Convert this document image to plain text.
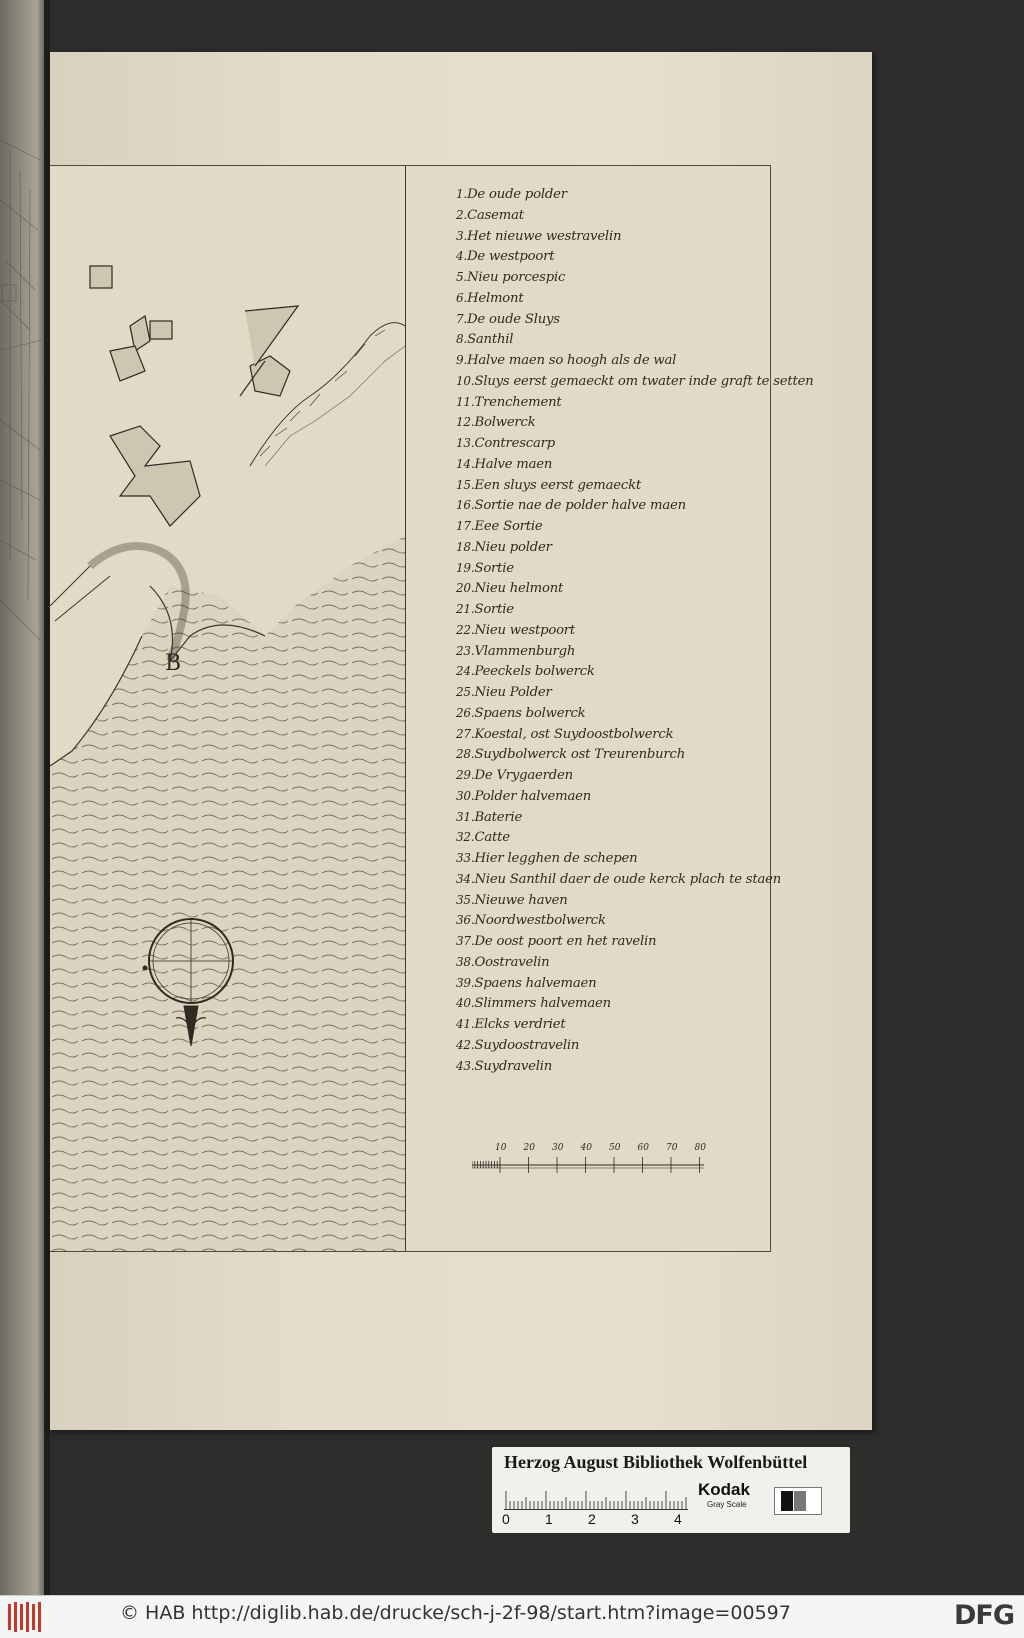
B
1.De oude polder
2.Casemat
3.Het nieuwe westravelin
4.De westpoort
5.Nieu porcespic
6.Helmont
7.De oude Sluys
8.Santhil
9.Halve maen so hoogh als de wal
10.Sluys eerst gemaeckt om twater inde graft te setten
11.Trenchement
12.Bolwerck
13.Contrescarp
14.Halve maen
15.Een sluys eerst gemaeckt
16.Sortie nae de polder halve maen
17.Eee Sortie
18.Nieu polder
19.Sortie
20.Nieu helmont
21.Sortie
22.Nieu westpoort
23.Vlammenburgh
24.Peeckels bolwerck
25.Nieu Polder
26.Spaens bolwerck
27.Koestal, ost Suydoostbolwerck
28.Suydbolwerck ost Treurenburch
29.De Vrygaerden
30.Polder halvemaen
31.Baterie
32.Catte
33.Hier legghen de schepen
34.Nieu Santhil daer de oude kerck plach te staen
35.Nieuwe haven
36.Noordwestbolwerck
37.De oost poort en het ravelin
38.Oostravelin
39.Spaens halvemaen
40.Slimmers halvemaen
41.Elcks verdriet
42.Suydoostravelin
43.Suydravelin
10 20 30 40 50 60 70 80
Herzog August Bibliothek Wolfenbüttel
0	1	2	3	4
Kodak
Gray Scale
© HAB http://diglib.hab.de/drucke/sch-j-2f-98/start.htm?image=00597	DFG
